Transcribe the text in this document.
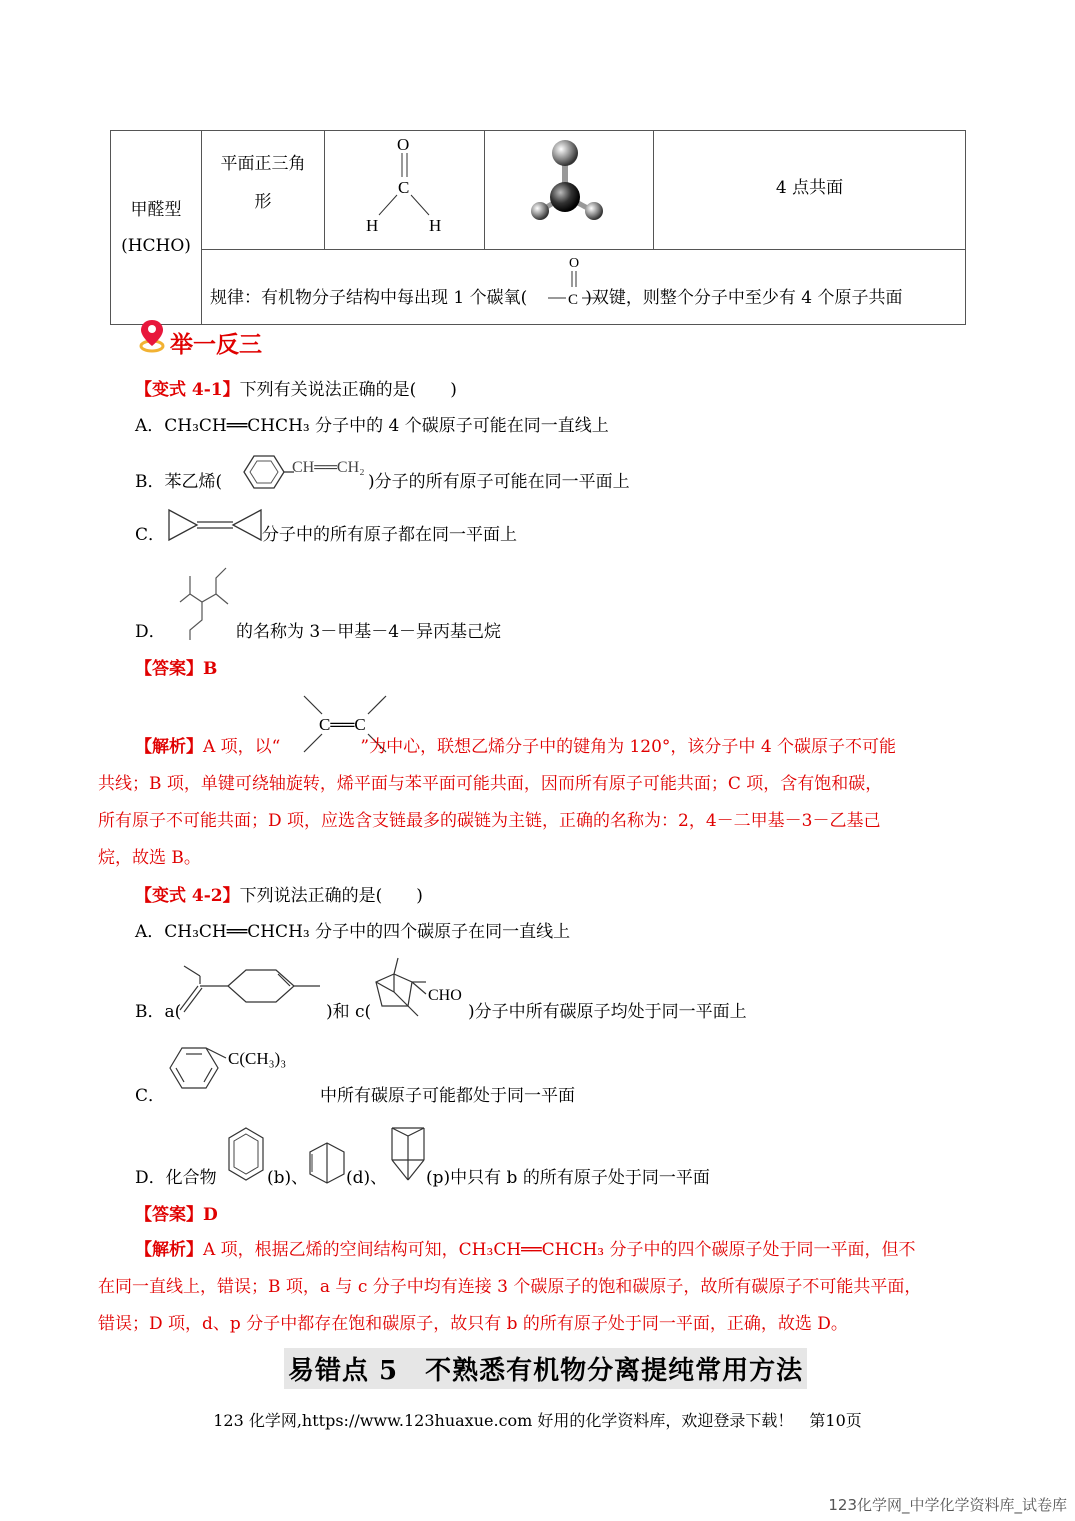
甲醛型
(HCHO)

平面正三角
形

O
C
H	H

4 点共面

规律：有机物分子结构中每出现 1 个碳氧(	)双键，则整个分子中至少有 4 个原子共面
O
C
举一反三
【变式 4-1】下列有关说法正确的是(　　)
A．CH₃CH══CHCH₃ 分子中的 4 个碳原子可能在同一直线上
B．苯乙烯(
CH══CH₂
)分子的所有原子可能在同一平面上
C．	分子中的所有原子都在同一平面上
D．	的名称为 3－甲基－4－异丙基己烷
【答案】B
C══C
【解析】A 项，以“	”为中心，联想乙烯分子中的键角为 120°，该分子中 4 个碳原子不可能
共线；B 项，单键可绕轴旋转，烯平面与苯平面可能共面，因而所有原子可能共面；C 项，含有饱和碳，
所有原子不可能共面；D 项，应选含支链最多的碳链为主链，正确的名称为：2，4－二甲基－3－乙基己
烷，故选 B。
【变式 4-2】下列说法正确的是(　　)
A．CH₃CH══CHCH₃ 分子中的四个碳原子在同一直线上
B．a(	)和 c(
CHO
)分子中所有碳原子均处于同一平面上
C．
C(CH₃)₃
中所有碳原子可能都处于同一平面
D．化合物	(b)、 (d)、 (p)中只有 b 的所有原子处于同一平面
【答案】D
【解析】A 项，根据乙烯的空间结构可知，CH₃CH══CHCH₃ 分子中的四个碳原子处于同一平面，但不
在同一直线上，错误；B 项，a 与 c 分子中均有连接 3 个碳原子的饱和碳原子，故所有碳原子不可能共平面，
错误；D 项，d、p 分子中都存在饱和碳原子，故只有 b 的所有原子处于同一平面，正确，故选 D。
易错点 5　不熟悉有机物分离提纯常用方法
123 化学网,https://www.123huaxue.com 好用的化学资料库，欢迎登录下载！　第10页
123化学网_中学化学资料库_试卷库
